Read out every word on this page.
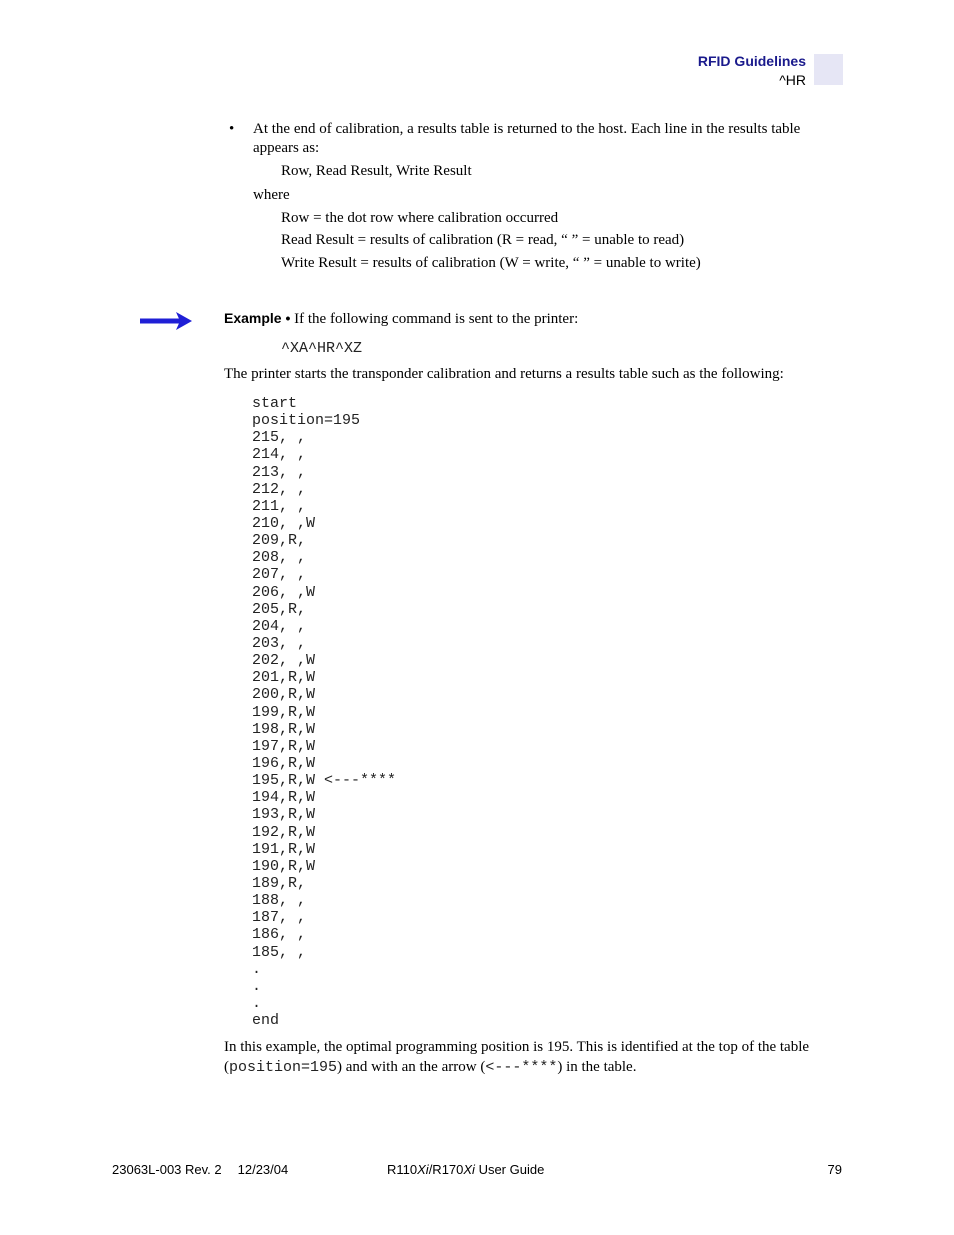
RFID Guidelines
^HR
•	At the end of calibration, a results table is returned to the host. Each line in the results table appears as:
Row, Read Result, Write Result
where
Row = the dot row where calibration occurred
Read Result = results of calibration (R = read, “ ” = unable to read)
Write Result = results of calibration (W = write, “ ” = unable to write)
Example • If the following command is sent to the printer:
^XA^HR^XZ
The printer starts the transponder calibration and returns a results table such as the following:
start
position=195
215, ,
214, ,
213, ,
212, ,
211, ,
210, ,W
209,R,
208, ,
207, ,
206, ,W
205,R,
204, ,
203, ,
202, ,W
201,R,W
200,R,W
199,R,W
198,R,W
197,R,W
196,R,W
195,R,W <---****
194,R,W
193,R,W
192,R,W
191,R,W
190,R,W
189,R,
188, ,
187, ,
186, ,
185, ,
.
.
.
end
In this example, the optimal programming position is 195. This is identified at the top of the table (position=195) and with an the arrow (<---****) in the table.
23063L-003 Rev. 2 12/23/04	R110Xi/R170Xi User Guide	79
